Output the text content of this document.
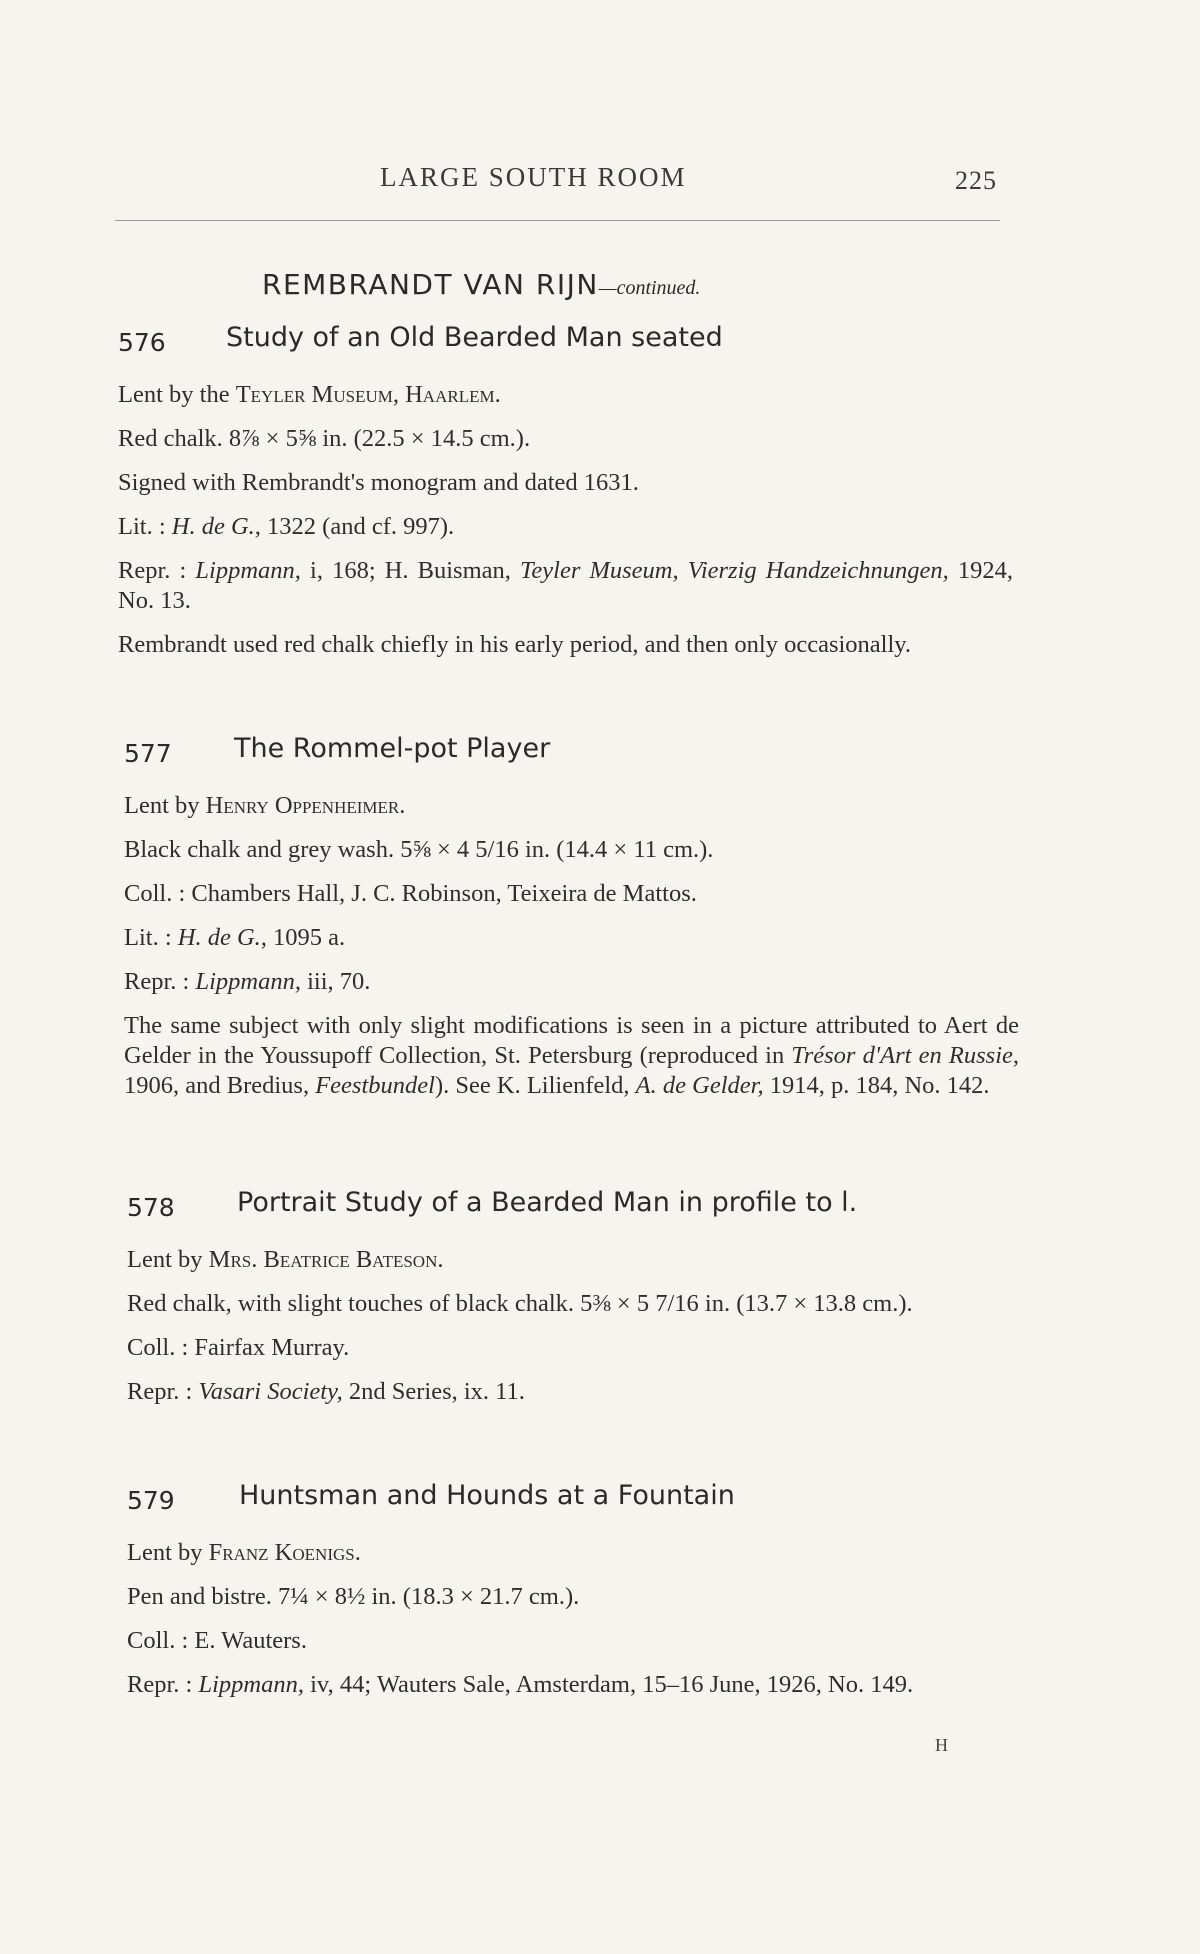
LARGE SOUTH ROOM	225
REMBRANDT VAN RIJN—continued.
576 Study of an Old Bearded Man seated
Lent by the Teyler Museum, Haarlem.
Red chalk. 8⅞ × 5⅝ in. (22.5 × 14.5 cm.).
Signed with Rembrandt's monogram and dated 1631.
Lit. : H. de G., 1322 (and cf. 997).
Repr. : Lippmann, i, 168; H. Buisman, Teyler Museum, Vierzig Handzeichnungen, 1924, No. 13.
Rembrandt used red chalk chiefly in his early period, and then only occasionally.
577 The Rommel-pot Player
Lent by Henry Oppenheimer.
Black chalk and grey wash. 5⅝ × 4 5/16 in. (14.4 × 11 cm.).
Coll. : Chambers Hall, J. C. Robinson, Teixeira de Mattos.
Lit. : H. de G., 1095 a.
Repr. : Lippmann, iii, 70.
The same subject with only slight modifications is seen in a picture attributed to Aert de Gelder in the Youssupoff Collection, St. Petersburg (reproduced in Trésor d'Art en Russie, 1906, and Bredius, Feestbundel). See K. Lilienfeld, A. de Gelder, 1914, p. 184, No. 142.
578 Portrait Study of a Bearded Man in profile to l.
Lent by Mrs. Beatrice Bateson.
Red chalk, with slight touches of black chalk. 5⅜ × 5 7/16 in. (13.7 × 13.8 cm.).
Coll. : Fairfax Murray.
Repr. : Vasari Society, 2nd Series, ix. 11.
579 Huntsman and Hounds at a Fountain
Lent by Franz Koenigs.
Pen and bistre. 7¼ × 8½ in. (18.3 × 21.7 cm.).
Coll. : E. Wauters.
Repr. : Lippmann, iv, 44; Wauters Sale, Amsterdam, 15–16 June, 1926, No. 149.
H
